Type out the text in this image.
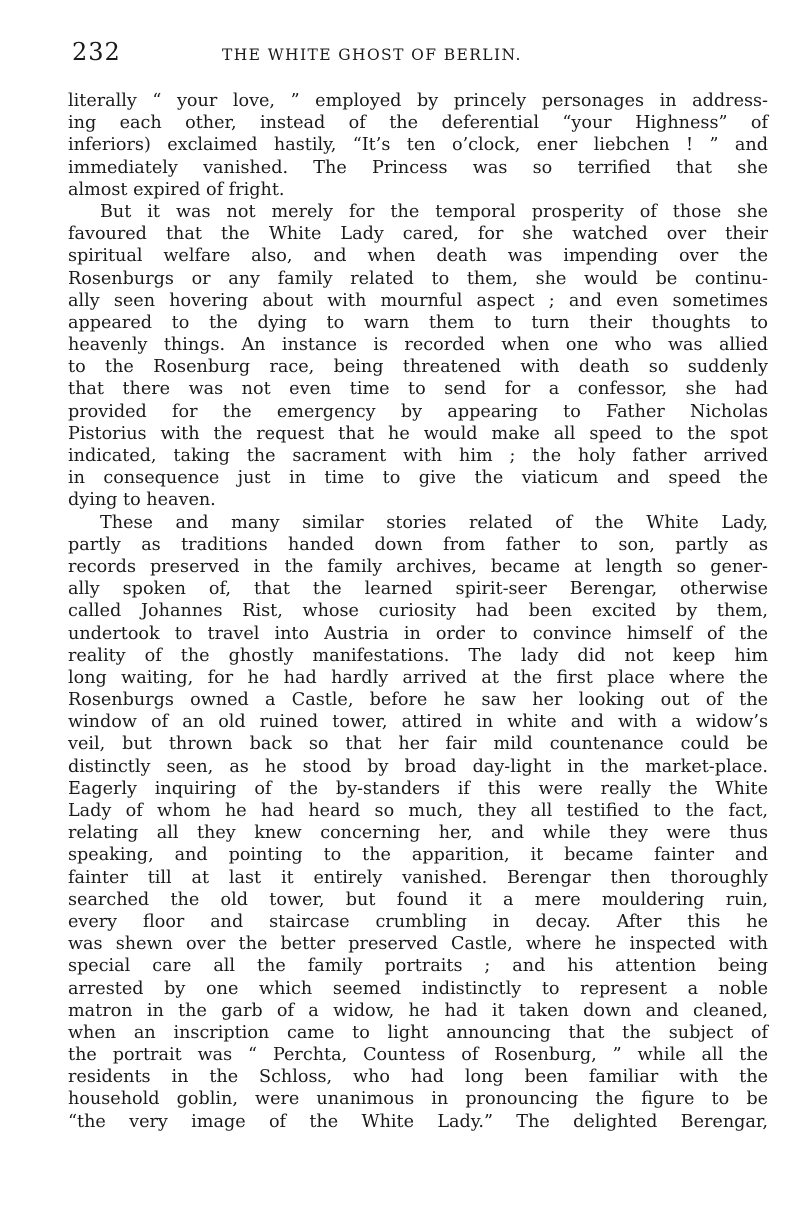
232	THE WHITE GHOST OF BERLIN.
literally “ your love, ” employed by princely personages in address-
ing each other, instead of the deferential “your Highness” of
inferiors) exclaimed hastily, “It’s ten o’clock, ener liebchen ! ” and
immediately vanished. The Princess was so terrified that she
almost expired of fright.
But it was not merely for the temporal prosperity of those she
favoured that the White Lady cared, for she watched over their
spiritual welfare also, and when death was impending over the
Rosenburgs or any family related to them, she would be continu-
ally seen hovering about with mournful aspect ; and even sometimes
appeared to the dying to warn them to turn their thoughts to
heavenly things. An instance is recorded when one who was allied
to the Rosenburg race, being threatened with death so suddenly
that there was not even time to send for a confessor, she had
provided for the emergency by appearing to Father Nicholas
Pistorius with the request that he would make all speed to the spot
indicated, taking the sacrament with him ; the holy father arrived
in consequence just in time to give the viaticum and speed the
dying to heaven.
These and many similar stories related of the White Lady,
partly as traditions handed down from father to son, partly as
records preserved in the family archives, became at length so gener-
ally spoken of, that the learned spirit-seer Berengar, otherwise
called Johannes Rist, whose curiosity had been excited by them,
undertook to travel into Austria in order to convince himself of the
reality of the ghostly manifestations. The lady did not keep him
long waiting, for he had hardly arrived at the first place where the
Rosenburgs owned a Castle, before he saw her looking out of the
window of an old ruined tower, attired in white and with a widow’s
veil, but thrown back so that her fair mild countenance could be
distinctly seen, as he stood by broad day-light in the market-place.
Eagerly inquiring of the by-standers if this were really the White
Lady of whom he had heard so much, they all testified to the fact,
relating all they knew concerning her, and while they were thus
speaking, and pointing to the apparition, it became fainter and
fainter till at last it entirely vanished. Berengar then thoroughly
searched the old tower, but found it a mere mouldering ruin,
every floor and staircase crumbling in decay. After this he
was shewn over the better preserved Castle, where he inspected with
special care all the family portraits ; and his attention being
arrested by one which seemed indistinctly to represent a noble
matron in the garb of a widow, he had it taken down and cleaned,
when an inscription came to light announcing that the subject of
the portrait was “ Perchta, Countess of Rosenburg, ” while all the
residents in the Schloss, who had long been familiar with the
household goblin, were unanimous in pronouncing the figure to be
“the very image of the White Lady.” The delighted Berengar,
